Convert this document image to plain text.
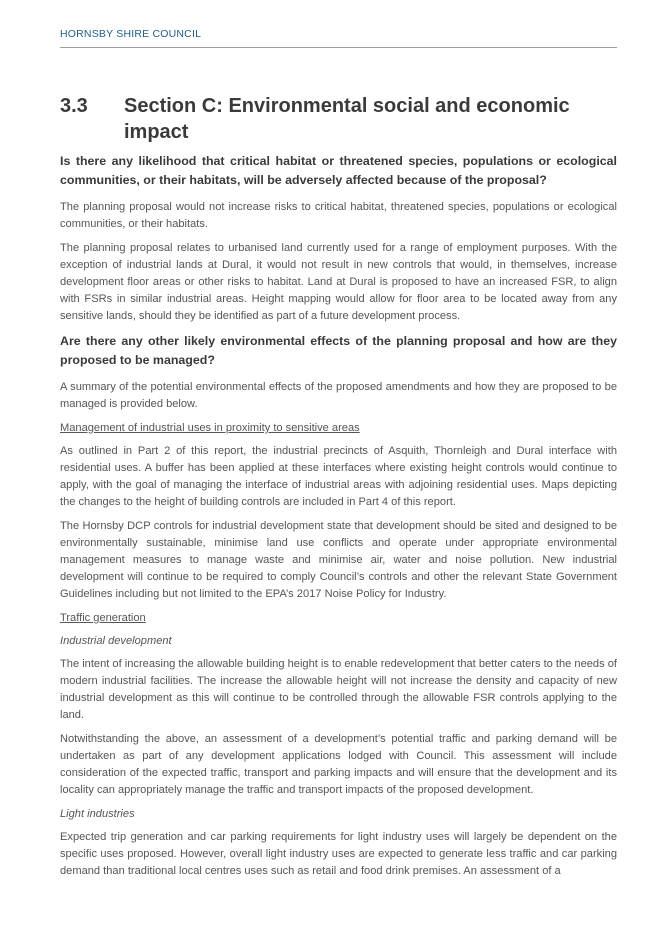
HORNSBY SHIRE COUNCIL
3.3	Section C: Environmental social and economic impact
Is there any likelihood that critical habitat or threatened species, populations or ecological communities, or their habitats, will be adversely affected because of the proposal?

The planning proposal would not increase risks to critical habitat, threatened species, populations or ecological communities, or their habitats.

The planning proposal relates to urbanised land currently used for a range of employment purposes. With the exception of industrial lands at Dural, it would not result in new controls that would, in themselves, increase development floor areas or other risks to habitat. Land at Dural is proposed to have an increased FSR, to align with FSRs in similar industrial areas. Height mapping would allow for floor area to be located away from any sensitive lands, should they be identified as part of a future development process.

Are there any other likely environmental effects of the planning proposal and how are they proposed to be managed?

A summary of the potential environmental effects of the proposed amendments and how they are proposed to be managed is provided below.

Management of industrial uses in proximity to sensitive areas

As outlined in Part 2 of this report, the industrial precincts of Asquith, Thornleigh and Dural interface with residential uses. A buffer has been applied at these interfaces where existing height controls would continue to apply, with the goal of managing the interface of industrial areas with adjoining residential uses. Maps depicting the changes to the height of building controls are included in Part 4 of this report.

The Hornsby DCP controls for industrial development state that development should be sited and designed to be environmentally sustainable, minimise land use conflicts and operate under appropriate environmental management measures to manage waste and minimise air, water and noise pollution. New industrial development will continue to be required to comply Council’s controls and other the relevant State Government Guidelines including but not limited to the EPA’s 2017 Noise Policy for Industry.

Traffic generation
Industrial development

The intent of increasing the allowable building height is to enable redevelopment that better caters to the needs of modern industrial facilities. The increase the allowable height will not increase the density and capacity of new industrial development as this will continue to be controlled through the allowable FSR controls applying to the land.

Notwithstanding the above, an assessment of a development’s potential traffic and parking demand will be undertaken as part of any development applications lodged with Council. This assessment will include consideration of the expected traffic, transport and parking impacts and will ensure that the development and its locality can appropriately manage the traffic and transport impacts of the proposed development.

Light industries

Expected trip generation and car parking requirements for light industry uses will largely be dependent on the specific uses proposed. However, overall light industry uses are expected to generate less traffic and car parking demand than traditional local centres uses such as retail and food drink premises. An assessment of a
